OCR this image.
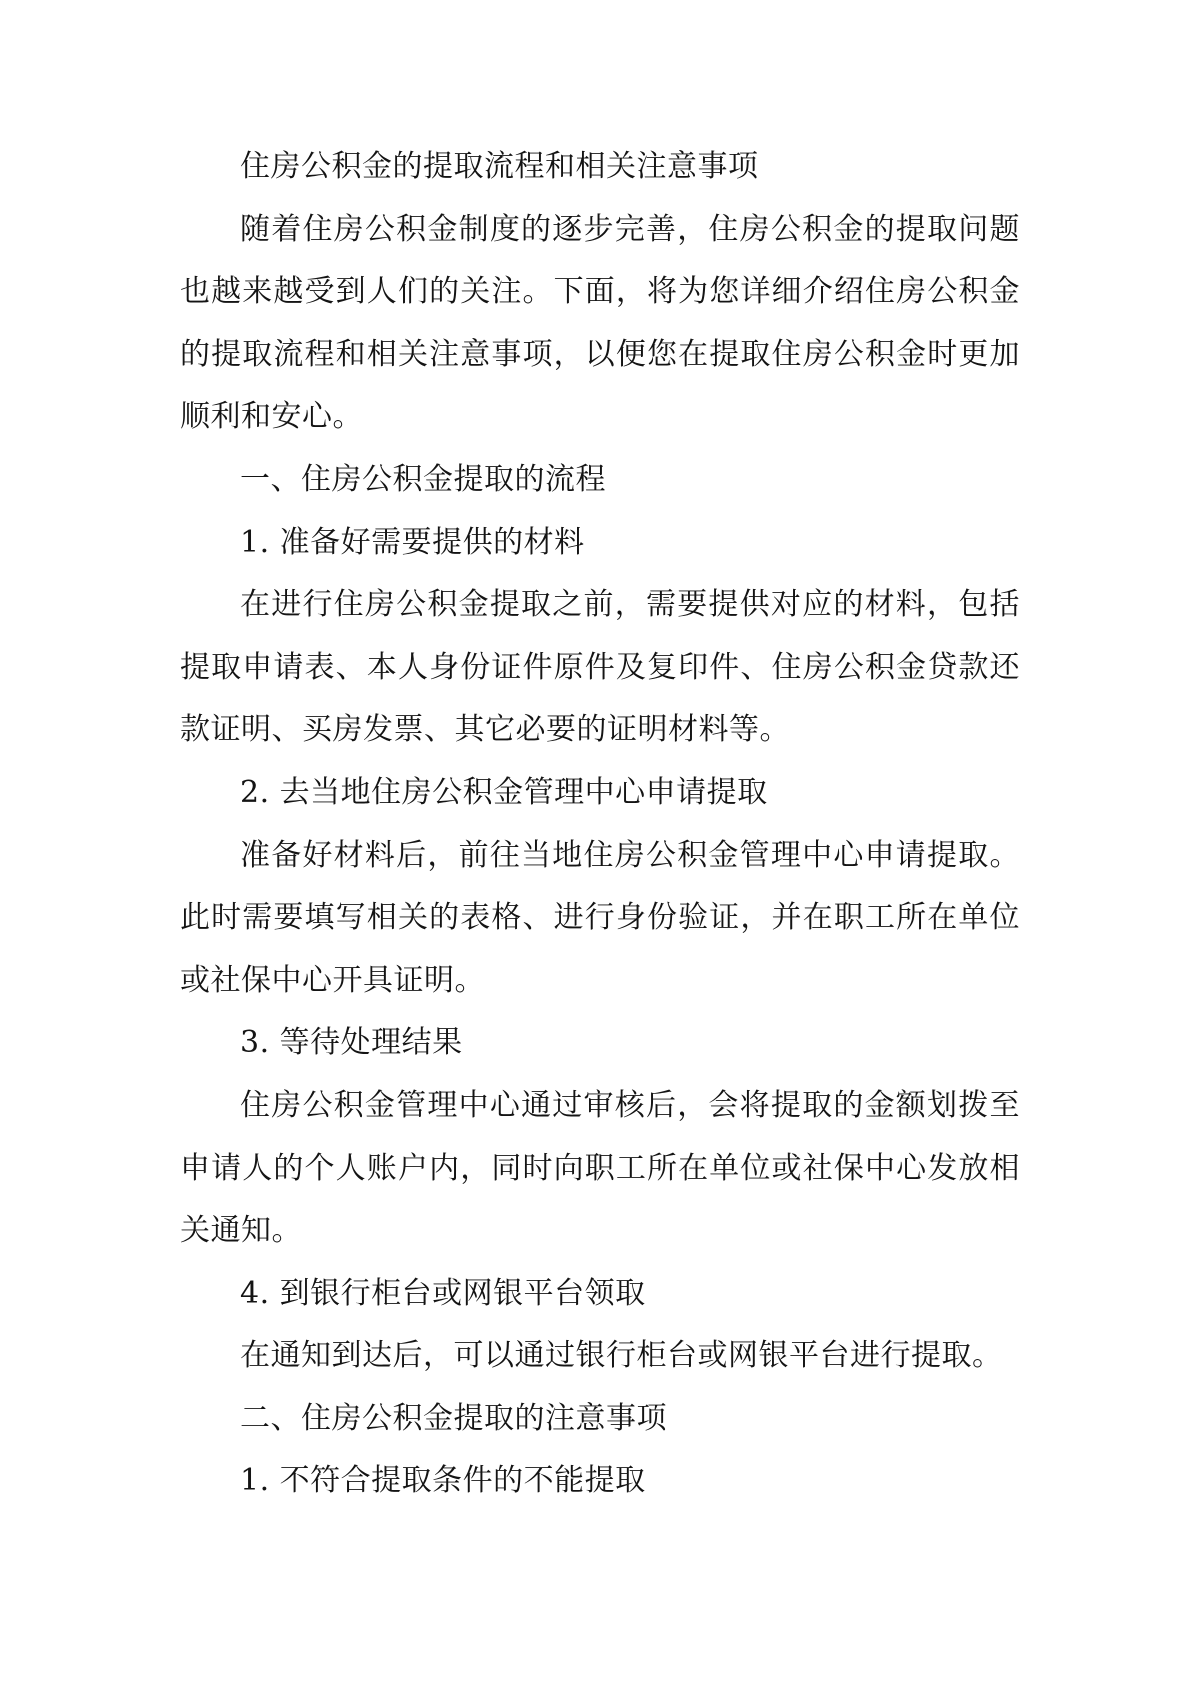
住房公积金的提取流程和相关注意事项

随着住房公积金制度的逐步完善，住房公积金的提取问题也越来越受到人们的关注。下面，将为您详细介绍住房公积金的提取流程和相关注意事项，以便您在提取住房公积金时更加顺利和安心。

一、住房公积金提取的流程

1. 准备好需要提供的材料

在进行住房公积金提取之前，需要提供对应的材料，包括提取申请表、本人身份证件原件及复印件、住房公积金贷款还款证明、买房发票、其它必要的证明材料等。

2. 去当地住房公积金管理中心申请提取

准备好材料后，前往当地住房公积金管理中心申请提取。此时需要填写相关的表格、进行身份验证，并在职工所在单位或社保中心开具证明。

3. 等待处理结果

住房公积金管理中心通过审核后，会将提取的金额划拨至申请人的个人账户内，同时向职工所在单位或社保中心发放相关通知。

4. 到银行柜台或网银平台领取

在通知到达后，可以通过银行柜台或网银平台进行提取。

二、住房公积金提取的注意事项

1. 不符合提取条件的不能提取
